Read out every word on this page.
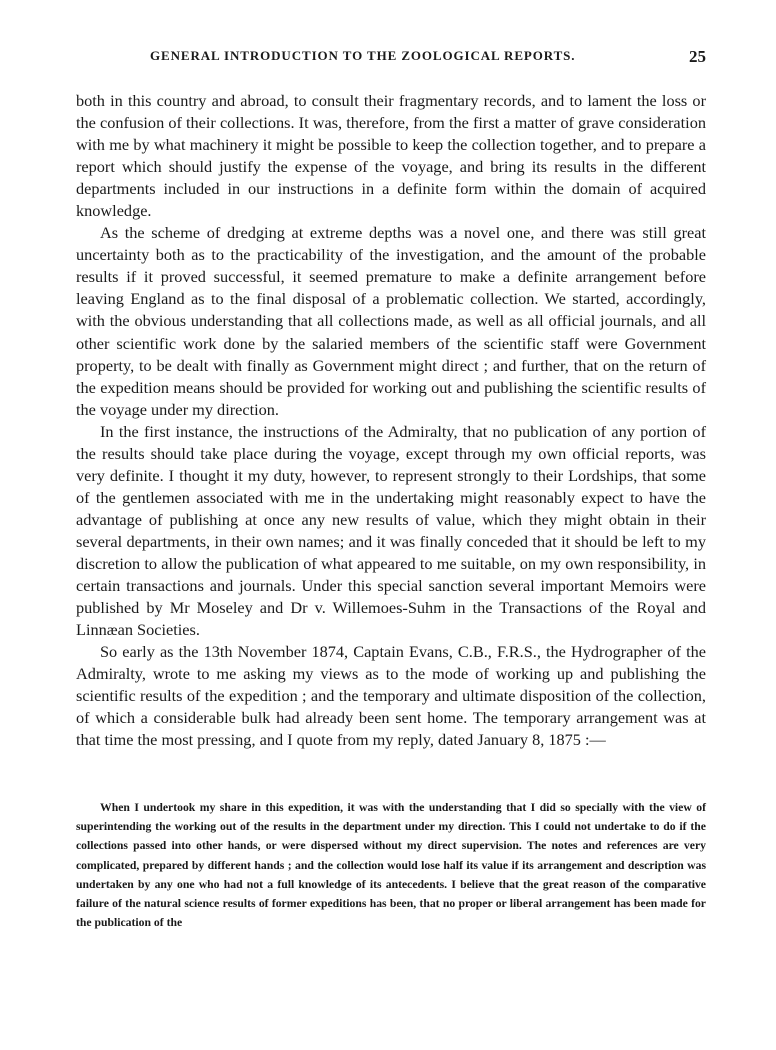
GENERAL INTRODUCTION TO THE ZOOLOGICAL REPORTS.	25

both in this country and abroad, to consult their fragmentary records, and to lament the loss or the confusion of their collections. It was, therefore, from the first a matter of grave consideration with me by what machinery it might be possible to keep the collection together, and to prepare a report which should justify the expense of the voyage, and bring its results in the different departments included in our instructions in a definite form within the domain of acquired knowledge.

As the scheme of dredging at extreme depths was a novel one, and there was still great uncertainty both as to the practicability of the investigation, and the amount of the probable results if it proved successful, it seemed premature to make a definite arrangement before leaving England as to the final disposal of a problematic collection. We started, accordingly, with the obvious understanding that all collections made, as well as all official journals, and all other scientific work done by the salaried members of the scientific staff were Government property, to be dealt with finally as Government might direct ; and further, that on the return of the expedition means should be provided for working out and publishing the scientific results of the voyage under my direction.

In the first instance, the instructions of the Admiralty, that no publication of any portion of the results should take place during the voyage, except through my own official reports, was very definite. I thought it my duty, however, to represent strongly to their Lordships, that some of the gentlemen associated with me in the undertaking might reasonably expect to have the advantage of publishing at once any new results of value, which they might obtain in their several departments, in their own names; and it was finally conceded that it should be left to my discretion to allow the publication of what appeared to me suitable, on my own responsibility, in certain transactions and journals. Under this special sanction several important Memoirs were published by Mr Moseley and Dr v. Willemoes-Suhm in the Transactions of the Royal and Linnæan Societies.

So early as the 13th November 1874, Captain Evans, C.B., F.R.S., the Hydrographer of the Admiralty, wrote to me asking my views as to the mode of working up and publishing the scientific results of the expedition ; and the temporary and ultimate disposition of the collection, of which a considerable bulk had already been sent home. The temporary arrangement was at that time the most pressing, and I quote from my reply, dated January 8, 1875 :—

When I undertook my share in this expedition, it was with the understanding that I did so specially with the view of superintending the working out of the results in the department under my direction. This I could not undertake to do if the collections passed into other hands, or were dispersed without my direct supervision. The notes and references are very complicated, prepared by different hands ; and the collection would lose half its value if its arrangement and description was undertaken by any one who had not a full knowledge of its antecedents. I believe that the great reason of the comparative failure of the natural science results of former expeditions has been, that no proper or liberal arrangement has been made for the publication of the
